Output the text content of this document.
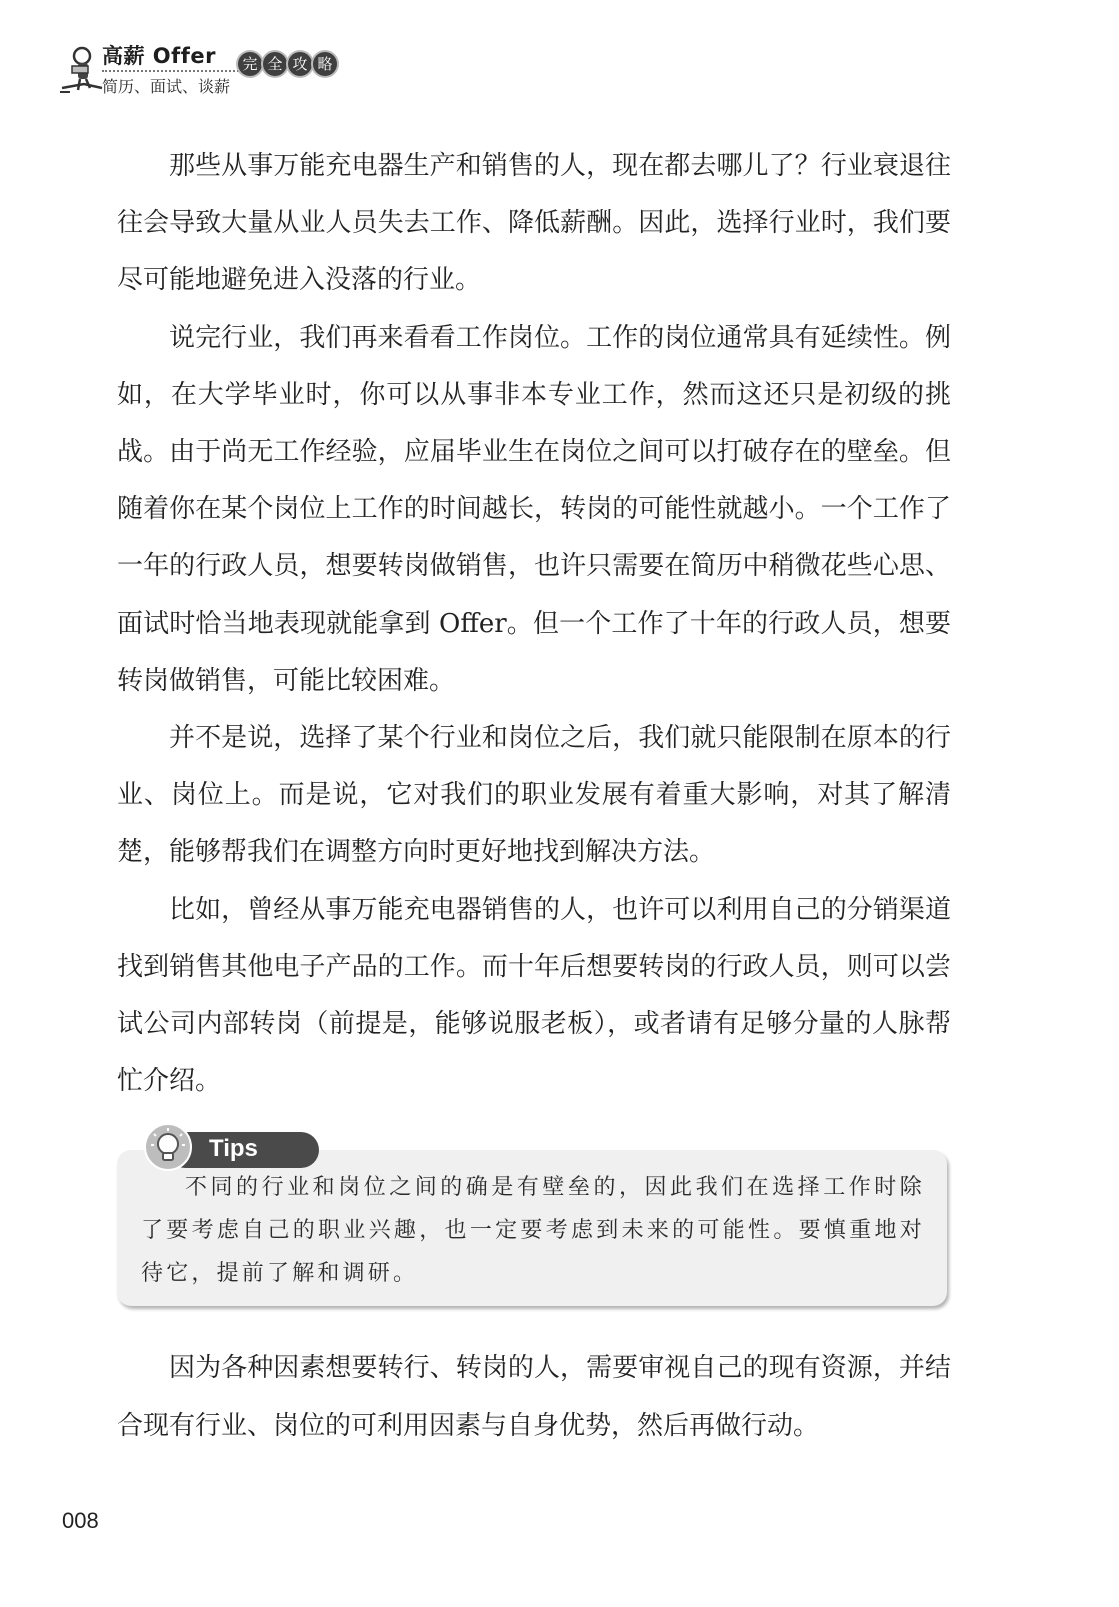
高薪 Offer
简历、面试、谈薪
完 全 攻 略

那些从事万能充电器生产和销售的人，现在都去哪儿了？行业衰退往往会导致大量从业人员失去工作、降低薪酬。因此，选择行业时，我们要尽可能地避免进入没落的行业。

说完行业，我们再来看看工作岗位。工作的岗位通常具有延续性。例如，在大学毕业时，你可以从事非本专业工作，然而这还只是初级的挑战。由于尚无工作经验，应届毕业生在岗位之间可以打破存在的壁垒。但随着你在某个岗位上工作的时间越长，转岗的可能性就越小。一个工作了一年的行政人员，想要转岗做销售，也许只需要在简历中稍微花些心思、面试时恰当地表现就能拿到 Offer。但一个工作了十年的行政人员，想要转岗做销售，可能比较困难。

并不是说，选择了某个行业和岗位之后，我们就只能限制在原本的行业、岗位上。而是说，它对我们的职业发展有着重大影响，对其了解清楚，能够帮我们在调整方向时更好地找到解决方法。

比如，曾经从事万能充电器销售的人，也许可以利用自己的分销渠道找到销售其他电子产品的工作。而十年后想要转岗的行政人员，则可以尝试公司内部转岗（前提是，能够说服老板），或者请有足够分量的人脉帮忙介绍。

Tips

不同的行业和岗位之间的确是有壁垒的，因此我们在选择工作时除了要考虑自己的职业兴趣，也一定要考虑到未来的可能性。要慎重地对待它，提前了解和调研。

因为各种因素想要转行、转岗的人，需要审视自己的现有资源，并结合现有行业、岗位的可利用因素与自身优势，然后再做行动。

008
